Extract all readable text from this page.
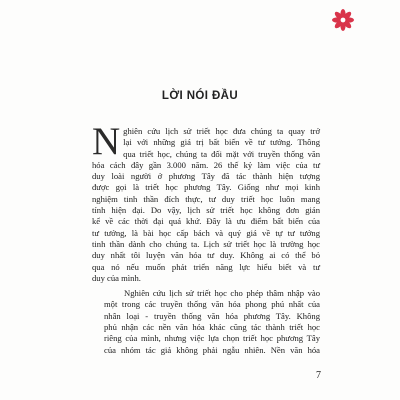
LỜI NÓI ĐẦU
N ghiên cứu lịch sử triết học đưa chúng ta quay trở
lại với những giá trị bất biến về tư tưởng. Thông
qua triết học, chúng ta đối mặt với truyền thống văn
hóa cách đây gần 3.000 năm. 26 thế kỷ làm việc của tư
duy loài người ở phương Tây đã tác thành hiện tượng
được gọi là triết học phương Tây. Giống như mọi kinh
nghiệm tinh thần đích thực, tư duy triết học luôn mang
tính hiện đại. Do vậy, lịch sử triết học không đơn giản
kể về các thời đại quá khứ. Đây là ưu điểm bất biến của
tư tưởng, là bài học cấp bách và quý giá về tự tư tưởng
tinh thần dành cho chúng ta. Lịch sử triết học là trường học
duy nhất tôi luyện văn hóa tư duy. Không ai có thể bỏ
qua nó nếu muốn phát triển năng lực hiểu biết và tư
duy của mình.
Nghiên cứu lịch sử triết học cho phép thâm nhập vào
một trong các truyền thống văn hóa phong phú nhất của
nhân loại - truyền thống văn hóa phương Tây. Không
phủ nhận các nền văn hóa khác cũng tác thành triết học
riêng của mình, nhưng việc lựa chọn triết học phương Tây
của nhóm tác giả không phải ngẫu nhiên. Nền văn hóa
7
